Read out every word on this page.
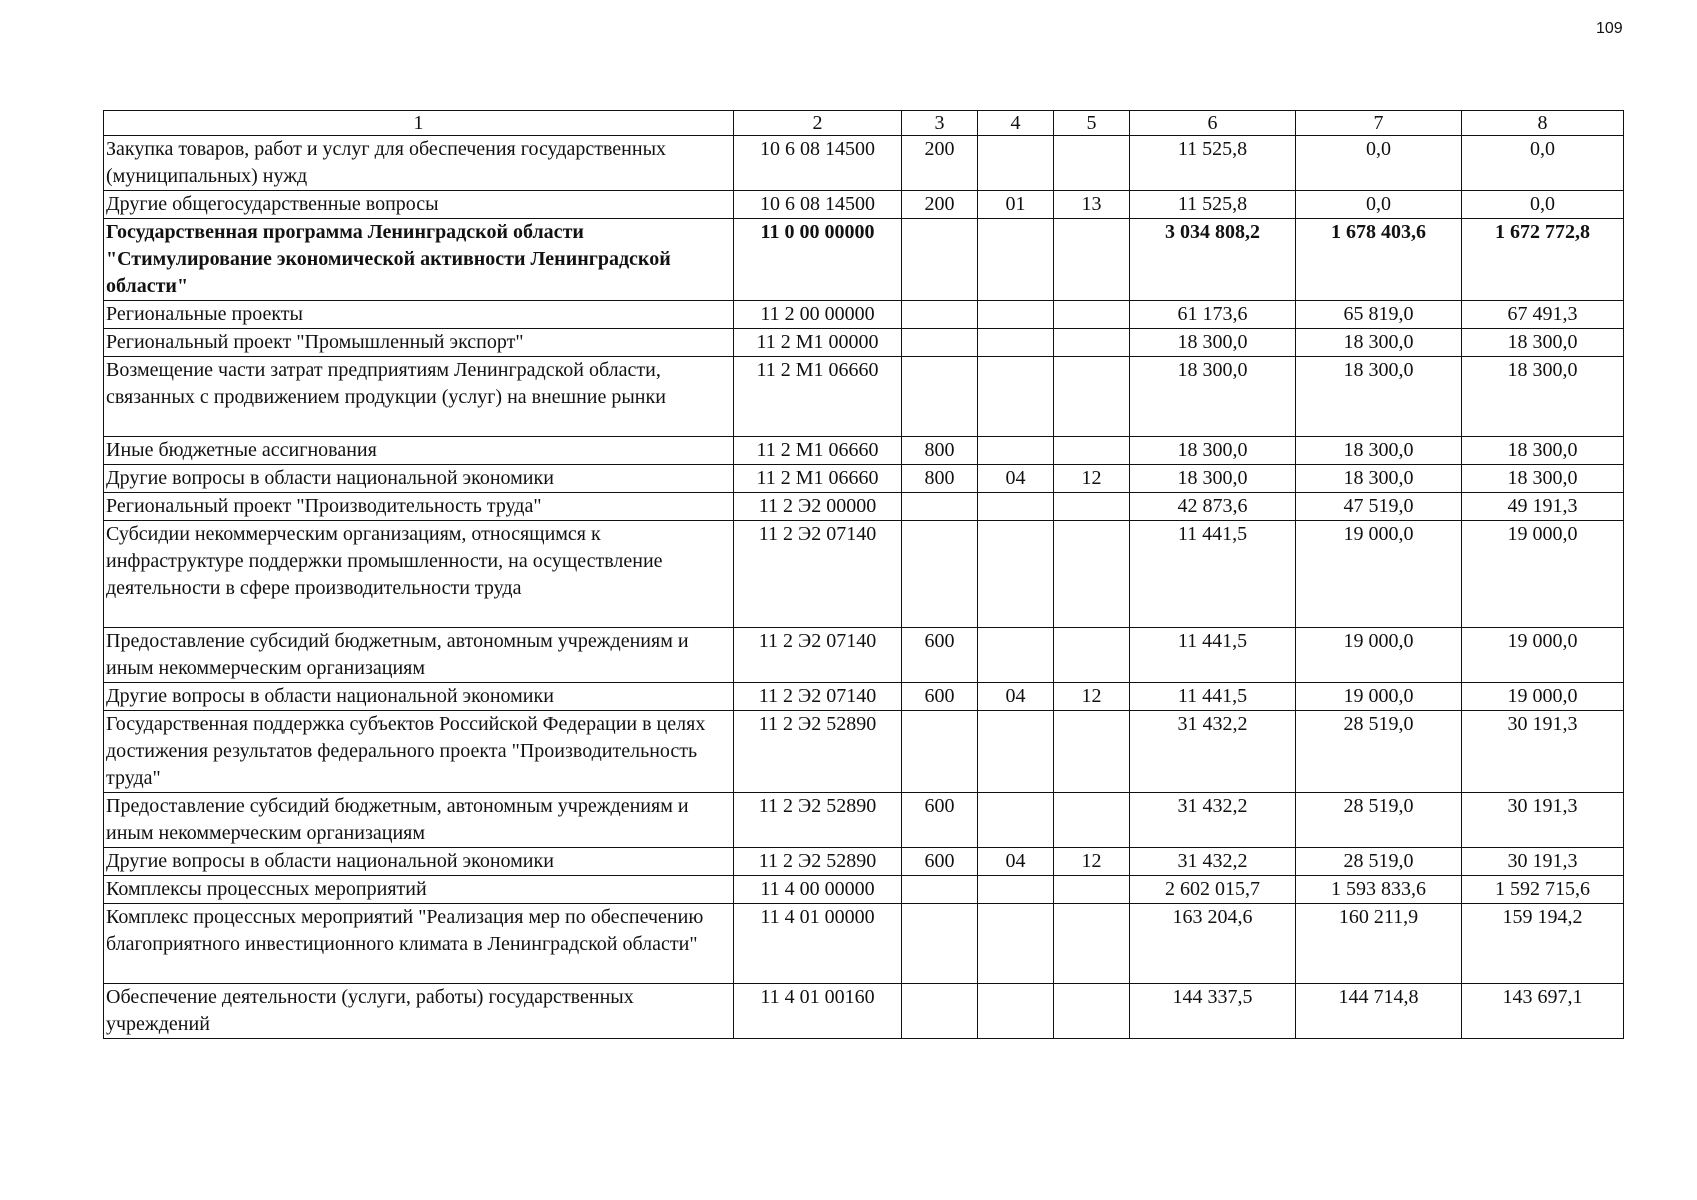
109
1	2	3	4	5	6	7	8
Закупка товаров, работ и услуг для обеспечения государственных (муниципальных) нужд	10 6 08 14500	200			11 525,8	0,0	0,0
Другие общегосударственные вопросы	10 6 08 14500	200	01	13	11 525,8	0,0	0,0
Государственная программа Ленинградской области "Стимулирование экономической активности Ленинградской области"	11 0 00 00000				3 034 808,2	1 678 403,6	1 672 772,8
Региональные проекты	11 2 00 00000				61 173,6	65 819,0	67 491,3
Региональный проект "Промышленный экспорт"	11 2 M1 00000				18 300,0	18 300,0	18 300,0
Возмещение части затрат предприятиям Ленинградской области, связанных с продвижением продукции (услуг) на внешние рынки	11 2 M1 06660				18 300,0	18 300,0	18 300,0
Иные бюджетные ассигнования	11 2 M1 06660	800			18 300,0	18 300,0	18 300,0
Другие вопросы в области национальной экономики	11 2 M1 06660	800	04	12	18 300,0	18 300,0	18 300,0
Региональный проект "Производительность труда"	11 2 Э2 00000				42 873,6	47 519,0	49 191,3
Субсидии некоммерческим организациям, относящимся к инфраструктуре поддержки промышленности, на осуществление деятельности в сфере производительности труда	11 2 Э2 07140				11 441,5	19 000,0	19 000,0
Предоставление субсидий бюджетным, автономным учреждениям и иным некоммерческим организациям	11 2 Э2 07140	600			11 441,5	19 000,0	19 000,0
Другие вопросы в области национальной экономики	11 2 Э2 07140	600	04	12	11 441,5	19 000,0	19 000,0
Государственная поддержка субъектов Российской Федерации в целях достижения результатов федерального проекта "Производительность труда"	11 2 Э2 52890				31 432,2	28 519,0	30 191,3
Предоставление субсидий бюджетным, автономным учреждениям и иным некоммерческим организациям	11 2 Э2 52890	600			31 432,2	28 519,0	30 191,3
Другие вопросы в области национальной экономики	11 2 Э2 52890	600	04	12	31 432,2	28 519,0	30 191,3
Комплексы процессных мероприятий	11 4 00 00000				2 602 015,7	1 593 833,6	1 592 715,6
Комплекс процессных мероприятий "Реализация мер по обеспечению благоприятного инвестиционного климата в Ленинградской области"	11 4 01 00000				163 204,6	160 211,9	159 194,2
Обеспечение деятельности (услуги, работы) государственных учреждений	11 4 01 00160				144 337,5	144 714,8	143 697,1
